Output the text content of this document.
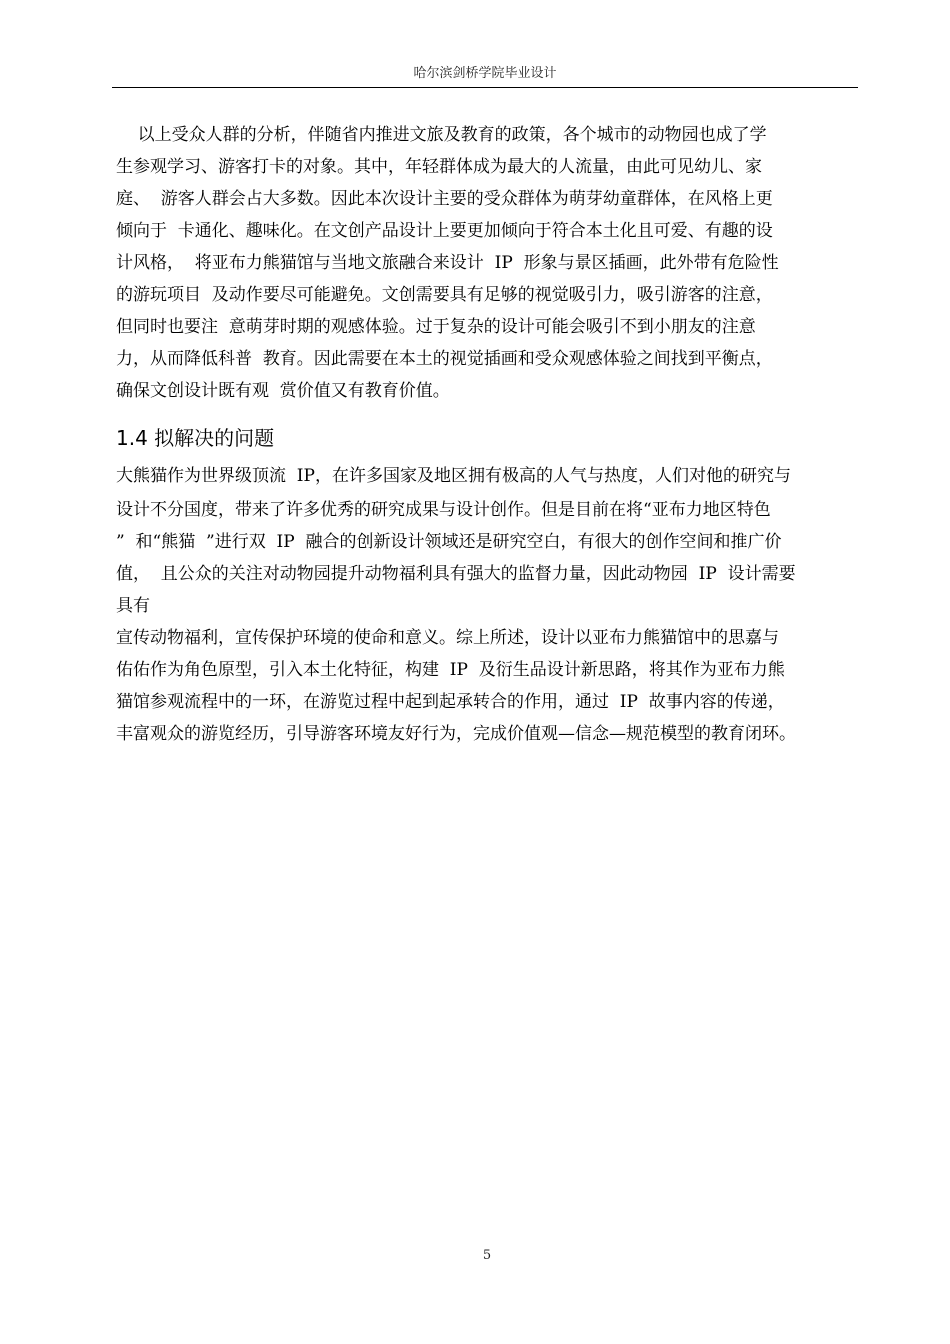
哈尔滨剑桥学院毕业设计
以上受众人群的分析，伴随省内推进文旅及教育的政策，各个城市的动物园也成了学
生参观学习、游客打卡的对象。其中，年轻群体成为最大的人流量，由此可见幼儿、家
庭、  游客人群会占大多数。因此本次设计主要的受众群体为萌芽幼童群体，在风格上更
倾向于  卡通化、趣味化。在文创产品设计上要更加倾向于符合本土化且可爱、有趣的设
计风格，  将亚布力熊猫馆与当地文旅融合来设计  IP  形象与景区插画，此外带有危险性
的游玩项目  及动作要尽可能避免。文创需要具有足够的视觉吸引力，吸引游客的注意，
但同时也要注  意萌芽时期的观感体验。过于复杂的设计可能会吸引不到小朋友的注意
力，从而降低科普  教育。因此需要在本土的视觉插画和受众观感体验之间找到平衡点，
确保文创设计既有观  赏价值又有教育价值。
1.4 拟解决的问题
大熊猫作为世界级顶流  IP，在许多国家及地区拥有极高的人气与热度，人们对他的研究与
设计不分国度，带来了许多优秀的研究成果与设计创作。但是目前在将“亚布力地区特色
”  和“熊猫  ”进行双  IP  融合的创新设计领域还是研究空白，有很大的创作空间和推广价
值，  且公众的关注对动物园提升动物福利具有强大的监督力量，因此动物园  IP  设计需要
具有
宣传动物福利，宣传保护环境的使命和意义。综上所述，设计以亚布力熊猫馆中的思嘉与
佑佑作为角色原型，引入本土化特征，构建  IP  及衍生品设计新思路，将其作为亚布力熊
猫馆参观流程中的一环，在游览过程中起到起承转合的作用，通过  IP  故事内容的传递，
丰富观众的游览经历，引导游客环境友好行为，完成价值观—信念—规范模型的教育闭环。
5
